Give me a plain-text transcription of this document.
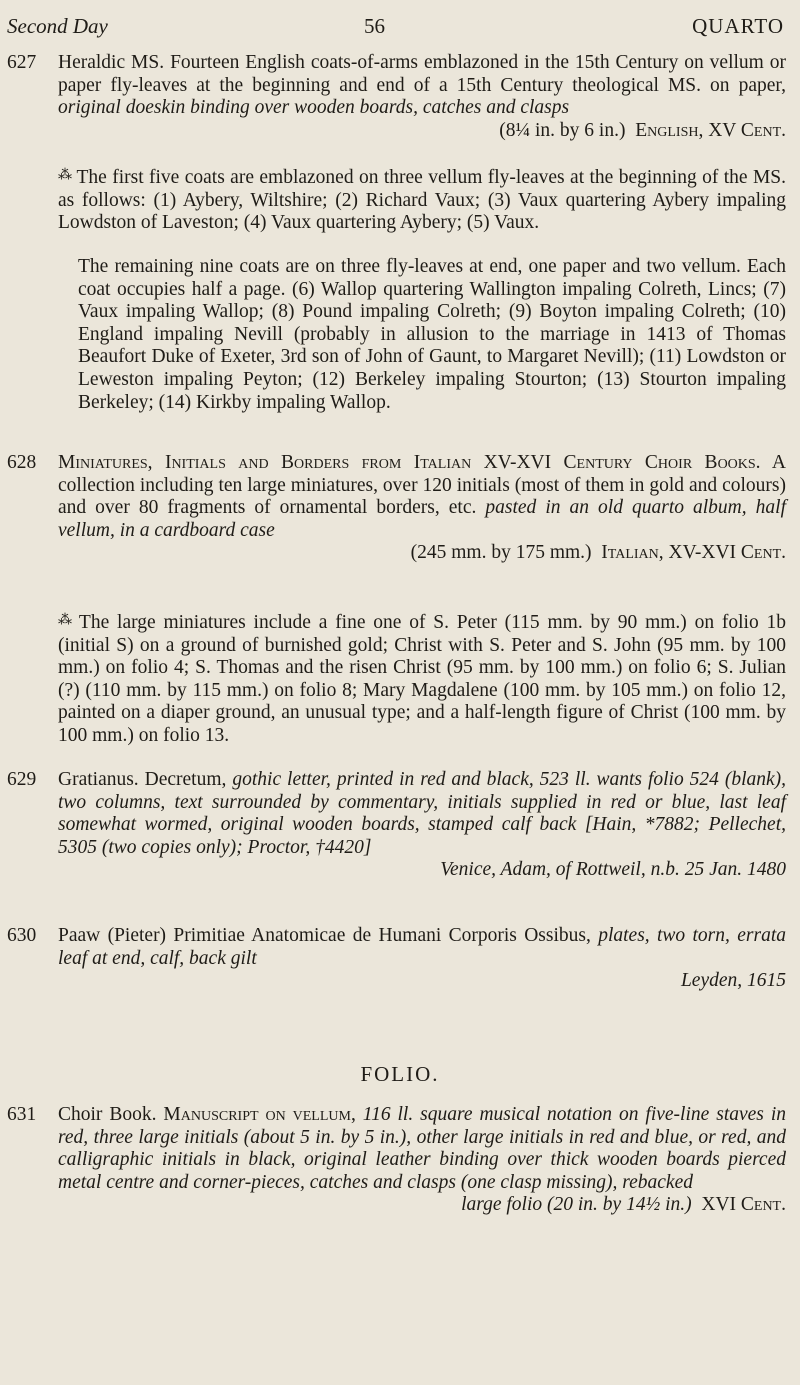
Second Day	56	QUARTO
627 Heraldic MS. Fourteen English coats-of-arms emblazoned in the 15th Century on vellum or paper fly-leaves at the beginning and end of a 15th Century theological MS. on paper, original doeskin binding over wooden boards, catches and clasps
(8¼ in. by 6 in.) English, XV Cent.
⁂ The first five coats are emblazoned on three vellum fly-leaves at the beginning of the MS. as follows: (1) Aybery, Wiltshire; (2) Richard Vaux; (3) Vaux quartering Aybery impaling Lowdston of Laveston; (4) Vaux quartering Aybery; (5) Vaux.
The remaining nine coats are on three fly-leaves at end, one paper and two vellum. Each coat occupies half a page. (6) Wallop quartering Wallington impaling Colreth, Lincs; (7) Vaux impaling Wallop; (8) Pound impaling Colreth; (9) Boyton impaling Colreth; (10) England impaling Nevill (probably in allusion to the marriage in 1413 of Thomas Beaufort Duke of Exeter, 3rd son of John of Gaunt, to Margaret Nevill); (11) Lowdston or Leweston impaling Peyton; (12) Berkeley impaling Stourton; (13) Stourton impaling Berkeley; (14) Kirkby impaling Wallop.
628 Miniatures, Initials and Borders from Italian XV-XVI Century Choir Books. A collection including ten large miniatures, over 120 initials (most of them in gold and colours) and over 80 fragments of ornamental borders, etc. pasted in an old quarto album, half vellum, in a cardboard case
(245 mm. by 175 mm.) Italian, XV-XVI Cent.
⁂ The large miniatures include a fine one of S. Peter (115 mm. by 90 mm.) on folio 1b (initial S) on a ground of burnished gold; Christ with S. Peter and S. John (95 mm. by 100 mm.) on folio 4; S. Thomas and the risen Christ (95 mm. by 100 mm.) on folio 6; S. Julian (?) (110 mm. by 115 mm.) on folio 8; Mary Magdalene (100 mm. by 105 mm.) on folio 12, painted on a diaper ground, an unusual type; and a half-length figure of Christ (100 mm. by 100 mm.) on folio 13.
629 Gratianus. Decretum, gothic letter, printed in red and black, 523 ll. wants folio 524 (blank), two columns, text surrounded by commentary, initials supplied in red or blue, last leaf somewhat wormed, original wooden boards, stamped calf back [Hain, *7882; Pellechet, 5305 (two copies only); Proctor, †4420]
Venice, Adam, of Rottweil, n.b. 25 Jan. 1480
630 Paaw (Pieter) Primitiae Anatomicae de Humani Corporis Ossibus, plates, two torn, errata leaf at end, calf, back gilt
Leyden, 1615
FOLIO.
631 Choir Book. Manuscript on vellum, 116 ll. square musical notation on five-line staves in red, three large initials (about 5 in. by 5 in.), other large initials in red and blue, or red, and calligraphic initials in black, original leather binding over thick wooden boards pierced metal centre and corner-pieces, catches and clasps (one clasp missing), rebacked
large folio (20 in. by 14½ in.) XVI Cent.
